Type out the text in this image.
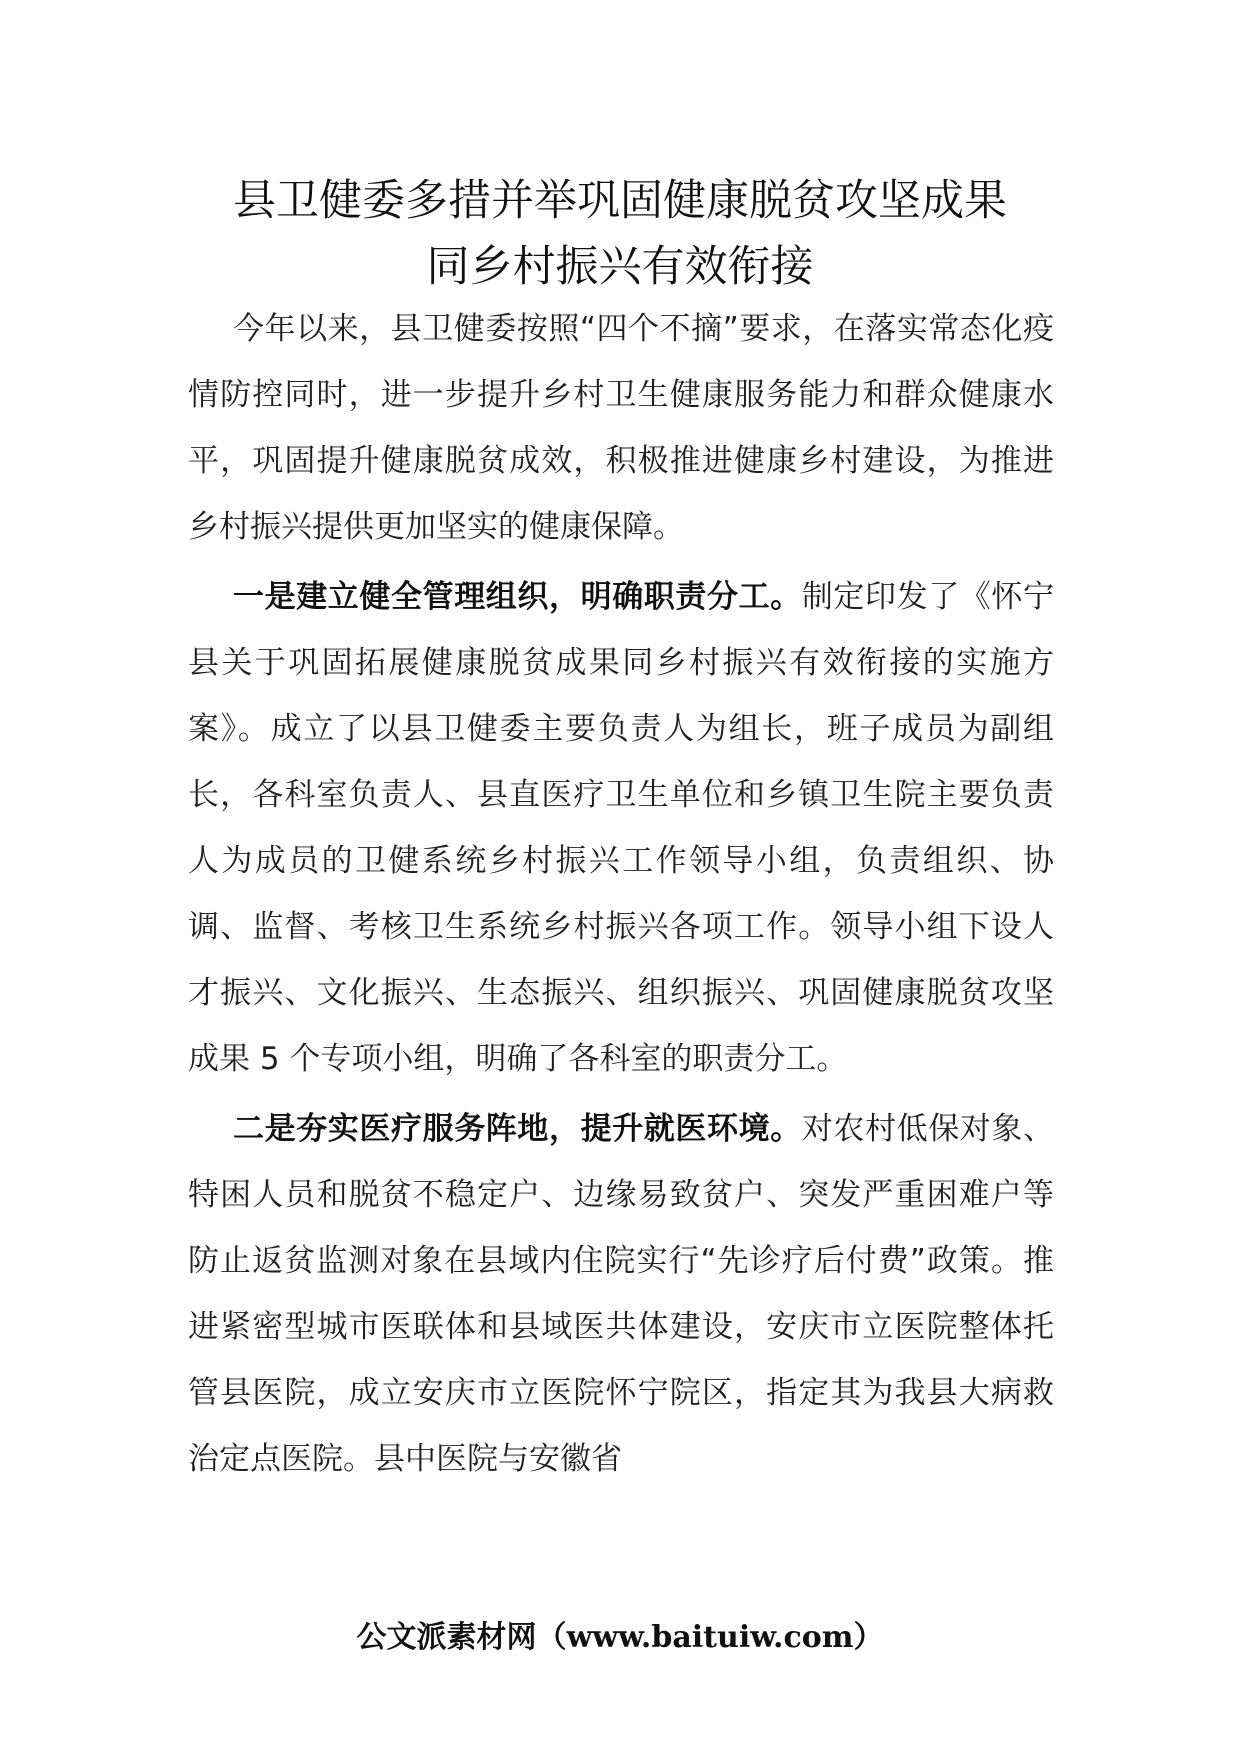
县卫健委多措并举巩固健康脱贫攻坚成果
同乡村振兴有效衔接

今年以来，县卫健委按照“四个不摘”要求，在落实常态化疫情防控同时，进一步提升乡村卫生健康服务能力和群众健康水平，巩固提升健康脱贫成效，积极推进健康乡村建设，为推进乡村振兴提供更加坚实的健康保障。

一是建立健全管理组织，明确职责分工。制定印发了《怀宁县关于巩固拓展健康脱贫成果同乡村振兴有效衔接的实施方案》。成立了以县卫健委主要负责人为组长，班子成员为副组长，各科室负责人、县直医疗卫生单位和乡镇卫生院主要负责人为成员的卫健系统乡村振兴工作领导小组，负责组织、协调、监督、考核卫生系统乡村振兴各项工作。领导小组下设人才振兴、文化振兴、生态振兴、组织振兴、巩固健康脱贫攻坚成果 5 个专项小组，明确了各科室的职责分工。

二是夯实医疗服务阵地，提升就医环境。对农村低保对象、特困人员和脱贫不稳定户、边缘易致贫户、突发严重困难户等防止返贫监测对象在县域内住院实行“先诊疗后付费”政策。推进紧密型城市医联体和县域医共体建设，安庆市立医院整体托管县医院，成立安庆市立医院怀宁院区，指定其为我县大病救治定点医院。县中医院与安徽省

公文派素材网（www.baituiw.com）
